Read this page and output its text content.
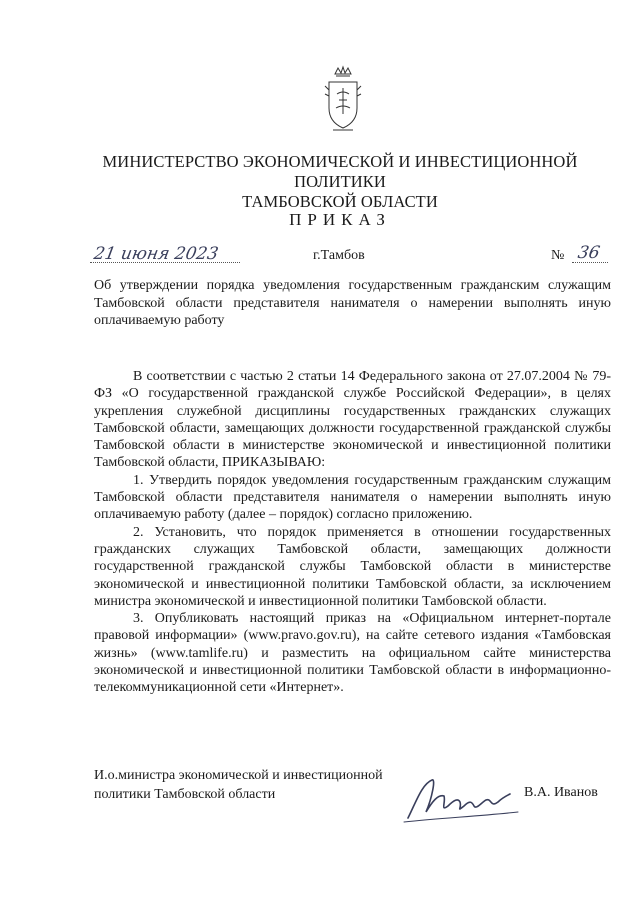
МИНИСТЕРСТВО ЭКОНОМИЧЕСКОЙ И ИНВЕСТИЦИОННОЙ ПОЛИТИКИ
ТАМБОВСКОЙ ОБЛАСТИ
ПРИКАЗ
21 июня 2023	г.Тамбов	№ 36
Об утверждении порядка уведомления государственным гражданским служащим Тамбовской области представителя нанимателя о намерении выполнять иную оплачиваемую работу

В соответствии с частью 2 статьи 14 Федерального закона от 27.07.2004 № 79-ФЗ «О государственной гражданской службе Российской Федерации», в целях укрепления служебной дисциплины государственных гражданских служащих Тамбовской области, замещающих должности государственной гражданской службы Тамбовской области в министерстве экономической и инвестиционной политики Тамбовской области, ПРИКАЗЫВАЮ:

1. Утвердить порядок уведомления государственным гражданским служащим Тамбовской области представителя нанимателя о намерении выполнять иную оплачиваемую работу (далее – порядок) согласно приложению.

2. Установить, что порядок применяется в отношении государственных гражданских служащих Тамбовской области, замещающих должности государственной гражданской службы Тамбовской области в министерстве экономической и инвестиционной политики Тамбовской области, за исключением министра экономической и инвестиционной политики Тамбовской области.

3. Опубликовать настоящий приказ на «Официальном интернет-портале правовой информации» (www.pravo.gov.ru), на сайте сетевого издания «Тамбовская жизнь» (www.tamlife.ru) и разместить на официальном сайте министерства экономической и инвестиционной политики Тамбовской области в информационно-телекоммуникационной сети «Интернет».

И.о.министра экономической и инвестиционной
политики Тамбовской области	В.А. Иванов
